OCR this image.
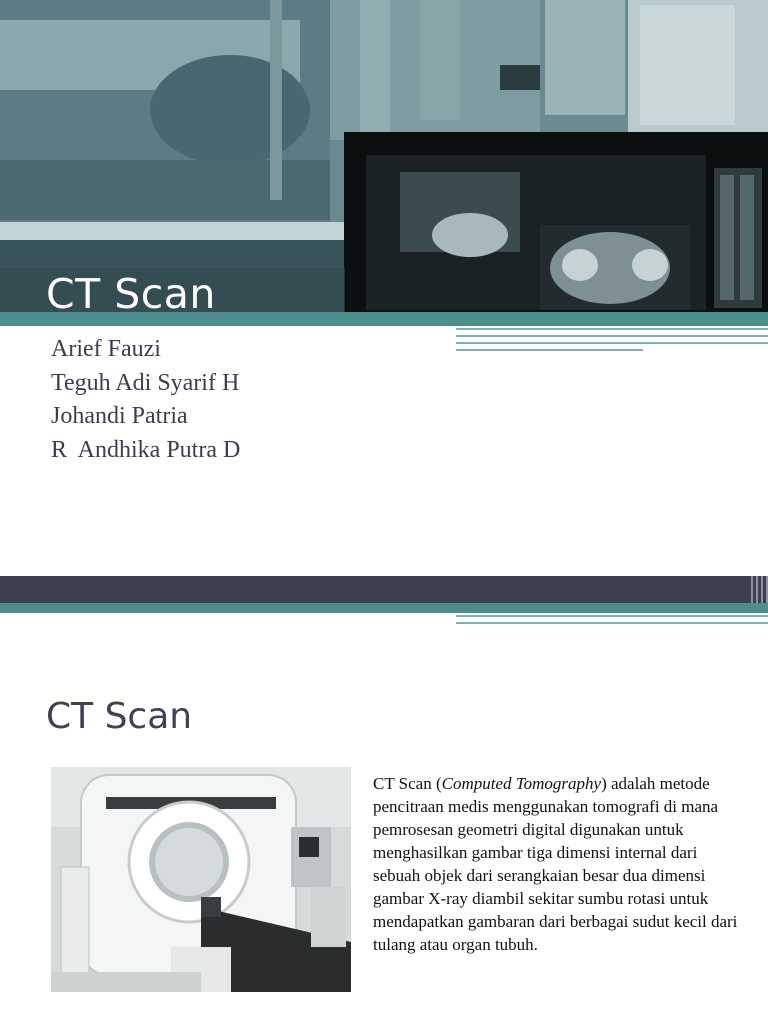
CT Scan
Arief Fauzi
Teguh Adi Syarif H
Johandi Patria
R  Andhika Putra D
CT Scan
CT Scan (Computed Tomography) adalah metode pencitraan medis menggunakan tomografi di mana pemrosesan geometri digital digunakan untuk menghasilkan gambar tiga dimensi internal dari sebuah objek dari serangkaian besar dua dimensi gambar X-ray diambil sekitar sumbu rotasi untuk mendapatkan gambaran dari berbagai sudut kecil dari tulang atau organ tubuh.
